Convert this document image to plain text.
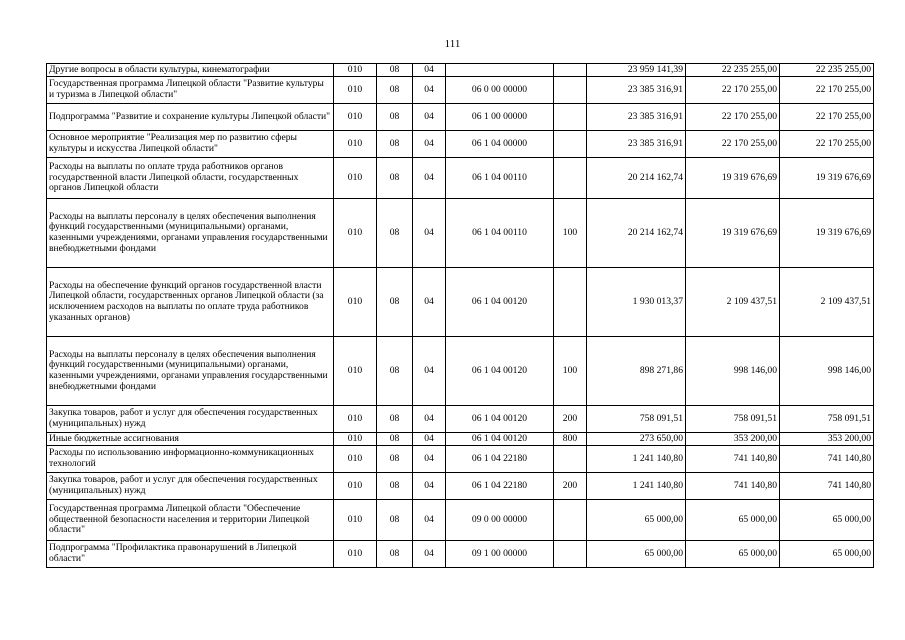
111
Другие вопросы в области культуры, кинематографии	010	08	04			23 959 141,39	22 235 255,00	22 235 255,00
Государственная программа Липецкой области "Развитие культуры и туризма в Липецкой области"	010	08	04	06 0 00 00000		23 385 316,91	22 170 255,00	22 170 255,00
Подпрограмма "Развитие и сохранение культуры Липецкой области"	010	08	04	06 1 00 00000		23 385 316,91	22 170 255,00	22 170 255,00
Основное мероприятие "Реализация мер по развитию сферы культуры и искусства Липецкой области"	010	08	04	06 1 04 00000		23 385 316,91	22 170 255,00	22 170 255,00
Расходы на выплаты по оплате труда работников органов государственной власти Липецкой области, государственных органов Липецкой области	010	08	04	06 1 04 00110		20 214 162,74	19 319 676,69	19 319 676,69
Расходы на выплаты персоналу в целях обеспечения выполнения функций государственными (муниципальными) органами, казенными учреждениями, органами управления государственными внебюджетными фондами	010	08	04	06 1 04 00110	100	20 214 162,74	19 319 676,69	19 319 676,69
Расходы на обеспечение функций органов государственной власти Липецкой области, государственных органов Липецкой области (за исключением расходов на выплаты по оплате труда работников указанных органов)	010	08	04	06 1 04 00120		1 930 013,37	2 109 437,51	2 109 437,51
Расходы на выплаты персоналу в целях обеспечения выполнения функций государственными (муниципальными) органами, казенными учреждениями, органами управления государственными внебюджетными фондами	010	08	04	06 1 04 00120	100	898 271,86	998 146,00	998 146,00
Закупка товаров, работ и услуг для обеспечения государственных (муниципальных) нужд	010	08	04	06 1 04 00120	200	758 091,51	758 091,51	758 091,51
Иные бюджетные ассигнования	010	08	04	06 1 04 00120	800	273 650,00	353 200,00	353 200,00
Расходы по использованию информационно-коммуникационных технологий	010	08	04	06 1 04 22180		1 241 140,80	741 140,80	741 140,80
Закупка товаров, работ и услуг для обеспечения государственных (муниципальных) нужд	010	08	04	06 1 04 22180	200	1 241 140,80	741 140,80	741 140,80
Государственная программа Липецкой области "Обеспечение общественной безопасности населения и территории Липецкой области"	010	08	04	09 0 00 00000		65 000,00	65 000,00	65 000,00
Подпрограмма "Профилактика правонарушений в Липецкой области"	010	08	04	09 1 00 00000		65 000,00	65 000,00	65 000,00
